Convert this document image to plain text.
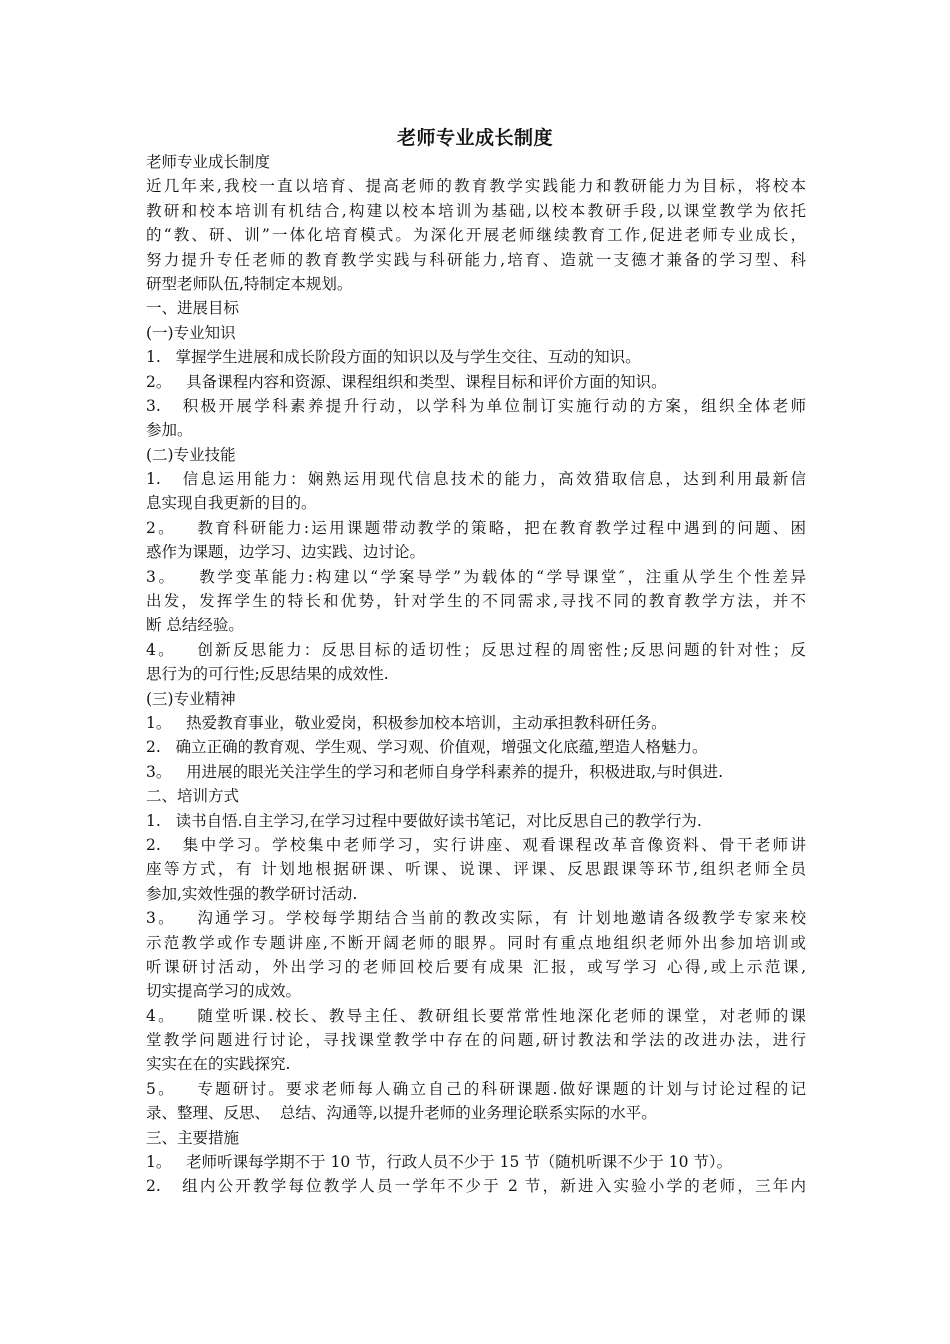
老师专业成长制度
老师专业成长制度
近几年来,我校一直以培育、提高老师的教育教学实践能力和教研能力为目标，将校本
教研和校本培训有机结合,构建以校本培训为基础,以校本教研手段,以课堂教学为依托
的“教、研、训”一体化培育模式。为深化开展老师继续教育工作,促进老师专业成长，
努力提升专任老师的教育教学实践与科研能力,培育、造就一支德才兼备的学习型、科
研型老师队伍,特制定本规划。
一、进展目标
(一)专业知识
1.   掌握学生进展和成长阶段方面的知识以及与学生交往、互动的知识。
2。   具备课程内容和资源、课程组织和类型、课程目标和评价方面的知识。
3.   积极开展学科素养提升行动，以学科为单位制订实施行动的方案，组织全体老师
参加。
(二)专业技能
1.   信息运用能力：娴熟运用现代信息技术的能力，高效猎取信息，达到利用最新信
息实现自我更新的目的。
2。   教育科研能力:运用课题带动教学的策略，把在教育教学过程中遇到的问题、困
惑作为课题，边学习、边实践、边讨论。
3。   教学变革能力:构建以“学案导学”为载体的“学导课堂″，注重从学生个性差异
出发，发挥学生的特长和优势，针对学生的不同需求,寻找不同的教育教学方法，并不
断 总结经验。
4。   创新反思能力：反思目标的适切性；反思过程的周密性;反思问题的针对性；反
思行为的可行性;反思结果的成效性.
(三)专业精神
1。   热爱教育事业，敬业爱岗，积极参加校本培训，主动承担教科研任务。
2.   确立正确的教育观、学生观、学习观、价值观，增强文化底蕴,塑造人格魅力。
3。   用进展的眼光关注学生的学习和老师自身学科素养的提升，积极进取,与时俱进.
二、培训方式
1.   读书自悟.自主学习,在学习过程中要做好读书笔记，对比反思自己的教学行为.
2.   集中学习。学校集中老师学习，实行讲座、观看课程改革音像资料、骨干老师讲
座等方式，有 计划地根据研课、听课、说课、评课、反思跟课等环节,组织老师全员
参加,实效性强的教学研讨活动.
3。   沟通学习。学校每学期结合当前的教改实际，有 计划地邀请各级教学专家来校
示范教学或作专题讲座,不断开阔老师的眼界。同时有重点地组织老师外出参加培训或
听课研讨活动，外出学习的老师回校后要有成果 汇报，或写学习 心得,或上示范课,
切实提高学习的成效。
4。   随堂听课.校长、教导主任、教研组长要常常性地深化老师的课堂，对老师的课
堂教学问题进行讨论，寻找课堂教学中存在的问题,研讨教法和学法的改进办法，进行
实实在在的实践探究.
5。   专题研讨。要求老师每人确立自己的科研课题.做好课题的计划与讨论过程的记
录、整理、反思、  总结、沟通等,以提升老师的业务理论联系实际的水平。
三、主要措施
1。   老师听课每学期不于 10 节，行政人员不少于 15 节（随机听课不少于 10 节）。
2.   组内公开教学每位教学人员一学年不少于 2 节，新进入实验小学的老师，三年内
